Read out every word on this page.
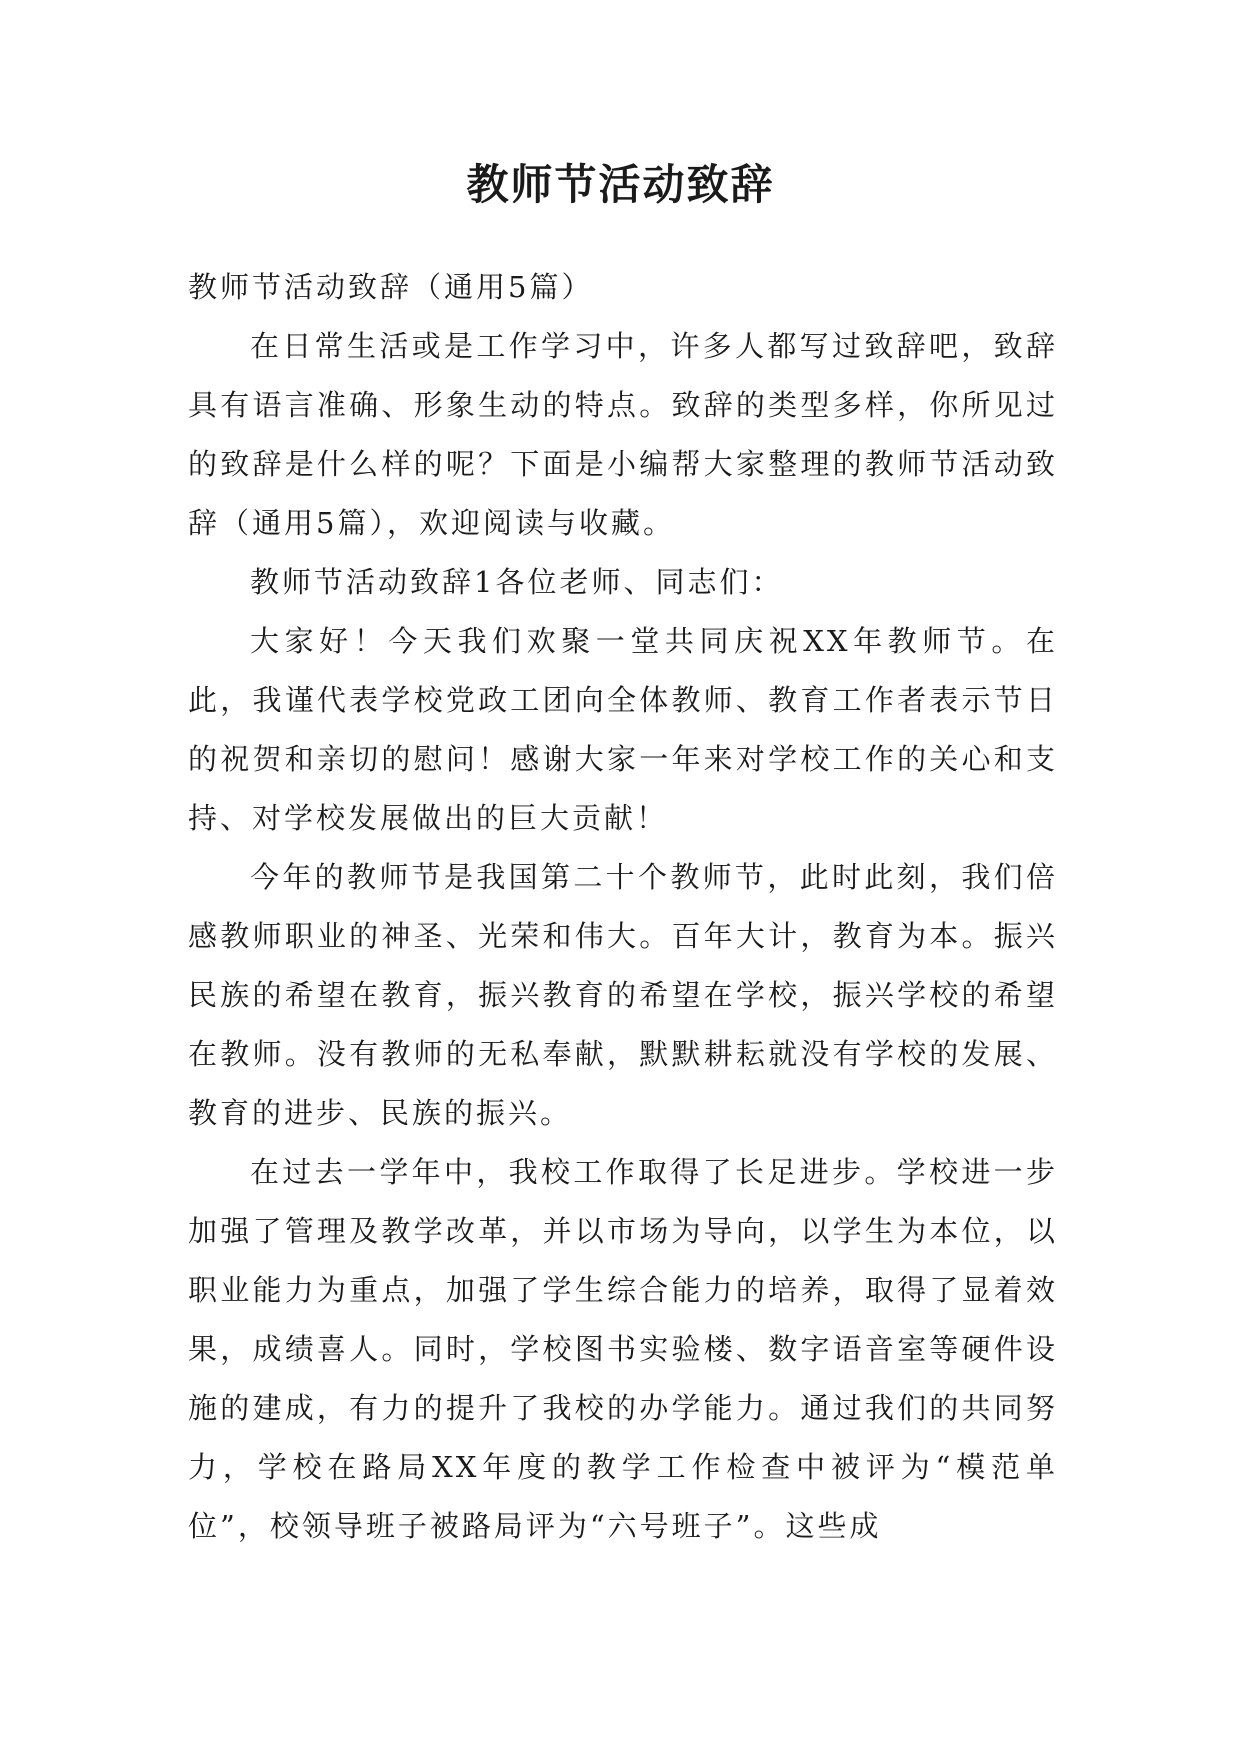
教师节活动致辞

教师节活动致辞（通用5篇）

在日常生活或是工作学习中，许多人都写过致辞吧，致辞具有语言准确、形象生动的特点。致辞的类型多样，你所见过的致辞是什么样的呢？下面是小编帮大家整理的教师节活动致辞（通用5篇），欢迎阅读与收藏。

教师节活动致辞1各位老师、同志们：

大家好！今天我们欢聚一堂共同庆祝XX年教师节。在此，我谨代表学校党政工团向全体教师、教育工作者表示节日的祝贺和亲切的慰问！感谢大家一年来对学校工作的关心和支持、对学校发展做出的巨大贡献！

今年的教师节是我国第二十个教师节，此时此刻，我们倍感教师职业的神圣、光荣和伟大。百年大计，教育为本。振兴民族的希望在教育，振兴教育的希望在学校，振兴学校的希望在教师。没有教师的无私奉献，默默耕耘就没有学校的发展、教育的进步、民族的振兴。

在过去一学年中，我校工作取得了长足进步。学校进一步加强了管理及教学改革，并以市场为导向，以学生为本位，以职业能力为重点，加强了学生综合能力的培养，取得了显着效果，成绩喜人。同时，学校图书实验楼、数字语音室等硬件设施的建成，有力的提升了我校的办学能力。通过我们的共同努力，学校在路局XX年度的教学工作检查中被评为“模范单位”，校领导班子被路局评为“六号班子”。这些成
